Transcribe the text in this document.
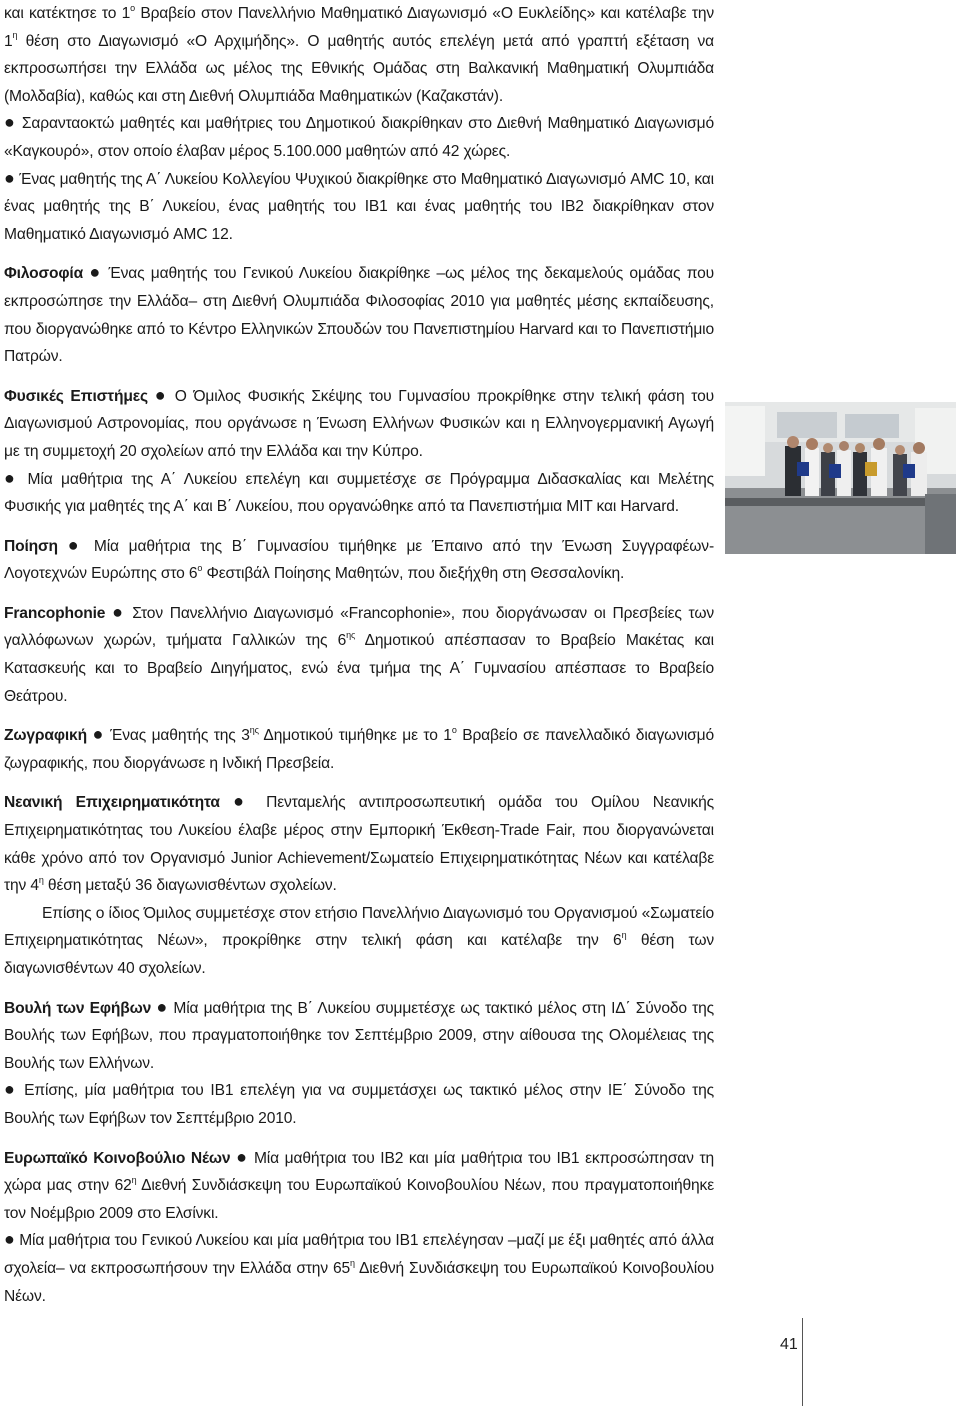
και κατέκτησε το $1^o$ Βραβείο στον Πανελλήνιο Μαθηματικό Διαγωνισμό «Ο Ευκλείδης» και κατέλαβε την $1^\eta$ θέση στο Διαγωνισμό «Ο Αρχιμήδης». Ο μαθητής αυτός επελέγη μετά από γραπτή εξέταση να εκπροσωπήσει την Ελλάδα ως μέλος της Εθνικής Ομάδας στη Βαλκανική Μαθηματική Ολυμπιάδα (Μολδαβία), καθώς και στη Διεθνή Ολυμπιάδα Μαθηματικών (Καζακστάν).

● Σαρανταοκτώ μαθητές και μαθήτριες του Δημοτικού διακρίθηκαν στο Διεθνή Μαθηματικό Διαγωνισμό «Καγκουρό», στον οποίο έλαβαν μέρος 5.100.000 μαθητών από 42 χώρες.

● Ένας μαθητής της Α΄ Λυκείου Κολλεγίου Ψυχικού διακρίθηκε στο Μαθηματικό Διαγωνισμό AMC 10, και ένας μαθητής της Β΄ Λυκείου, ένας μαθητής του ΙΒ1 και ένας μαθητής του ΙΒ2 διακρίθηκαν στον Μαθηματικό Διαγωνισμό AMC 12.

Φιλοσοφία ● Ένας μαθητής του Γενικού Λυκείου διακρίθηκε –ως μέλος της δεκαμελούς ομάδας που εκπροσώπησε την Ελλάδα– στη Διεθνή Ολυμπιάδα Φιλοσοφίας 2010 για μαθητές μέσης εκπαίδευσης, που διοργανώθηκε από το Κέντρο Ελληνικών Σπουδών του Πανεπιστημίου Harvard και το Πανεπιστήμιο Πατρών.

Φυσικές Επιστήμες ● Ο Όμιλος Φυσικής Σκέψης του Γυμνασίου προκρίθηκε στην τελική φάση του Διαγωνισμού Αστρονομίας, που οργάνωσε η Ένωση Ελλήνων Φυσικών και η Ελληνογερμανική Αγωγή με τη συμμετοχή 20 σχολείων από την Ελλάδα και την Κύπρο.

● Μία μαθήτρια της Α΄ Λυκείου επελέγη και συμμετέσχε σε Πρόγραμμα Διδασκαλίας και Μελέτης Φυσικής για μαθητές της Α΄ και Β΄ Λυκείου, που οργανώθηκε από τα Πανεπιστήμια MIT και Harvard.

Ποίηση ● Μία μαθήτρια της Β΄ Γυμνασίου τιμήθηκε με Έπαινο από την Ένωση Συγγραφέων-Λογοτεχνών Ευρώπης στο $6^o$ Φεστιβάλ Ποίησης Μαθητών, που διεξήχθη στη Θεσσαλονίκη.

Francophonie ● Στον Πανελλήνιο Διαγωνισμό «Francophonie», που διοργάνωσαν οι Πρεσβείες των γαλλόφωνων χωρών, τμήματα Γαλλικών της $6^{\eta\varsigma}$ Δημοτικού απέσπασαν το Βραβείο Μακέτας και Κατασκευής και το Βραβείο Διηγήματος, ενώ ένα τμήμα της Α΄ Γυμνασίου απέσπασε το Βραβείο Θεάτρου.

Ζωγραφική ● Ένας μαθητής της $3^{\eta\varsigma}$ Δημοτικού τιμήθηκε με το $1^o$ Βραβείο σε πανελλαδικό διαγωνισμό ζωγραφικής, που διοργάνωσε η Ινδική Πρεσβεία.

Νεανική Επιχειρηματικότητα ● Πενταμελής αντιπροσωπευτική ομάδα του Ομίλου Νεανικής Επιχειρηματικότητας του Λυκείου έλαβε μέρος στην Εμπορική Έκθεση-Trade Fair, που διοργανώνεται κάθε χρόνο από τον Οργανισμό Junior Achievement/Σωματείο Επιχειρηματικότητας Νέων και κατέλαβε την $4^\eta$ θέση μεταξύ 36 διαγωνισθέντων σχολείων.

Επίσης ο ίδιος Όμιλος συμμετέσχε στον ετήσιο Πανελλήνιο Διαγωνισμό του Οργανισμού «Σωματείο Επιχειρηματικότητας Νέων», προκρίθηκε στην τελική φάση και κατέλαβε την $6^\eta$ θέση των διαγωνισθέντων 40 σχολείων.

Βουλή των Εφήβων ● Μία μαθήτρια της Β΄ Λυκείου συμμετέσχε ως τακτικό μέλος στη ΙΔ΄ Σύνοδο της Βουλής των Εφήβων, που πραγματοποιήθηκε τον Σεπτέμβριο 2009, στην αίθουσα της Ολομέλειας της Βουλής των Ελλήνων.

● Επίσης, μία μαθήτρια του ΙΒ1 επελέγη για να συμμετάσχει ως τακτικό μέλος στην ΙΕ΄ Σύνοδο της Βουλής των Εφήβων τον Σεπτέμβριο 2010.

Ευρωπαϊκό Κοινοβούλιο Νέων ● Μία μαθήτρια του ΙΒ2 και μία μαθήτρια του ΙΒ1 εκπροσώπησαν τη χώρα μας στην $62^\eta$ Διεθνή Συνδιάσκεψη του Ευρωπαϊκού Κοινοβουλίου Νέων, που πραγματοποιήθηκε τον Νοέμβριο 2009 στο Ελσίνκι.

● Μία μαθήτρια του Γενικού Λυκείου και μία μαθήτρια του ΙΒ1 επελέγησαν –μαζί με έξι μαθητές από άλλα σχολεία– να εκπροσωπήσουν την Ελλάδα στην $65^\eta$ Διεθνή Συνδιάσκεψη του Ευρωπαϊκού Κοινοβουλίου Νέων.

41
